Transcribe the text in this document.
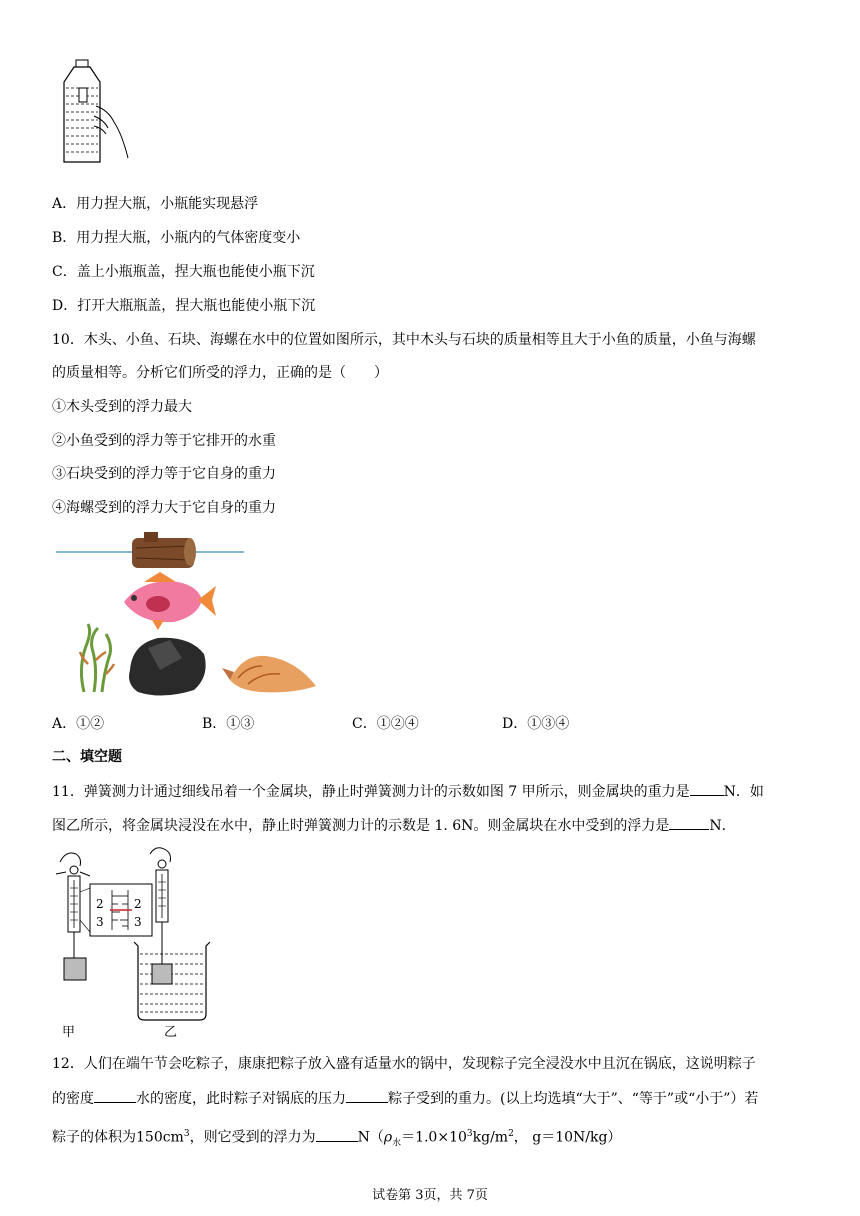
A．用力捏大瓶，小瓶能实现悬浮
B．用力捏大瓶，小瓶内的气体密度变小
C．盖上小瓶瓶盖，捏大瓶也能使小瓶下沉
D．打开大瓶瓶盖，捏大瓶也能使小瓶下沉
10．木头、小鱼、石块、海螺在水中的位置如图所示，其中木头与石块的质量相等且大于小鱼的质量，小鱼与海螺
的质量相等。分析它们所受的浮力，正确的是（　　）
①木头受到的浮力最大
②小鱼受到的浮力等于它排开的水重
③石块受到的浮力等于它自身的重力
④海螺受到的浮力大于它自身的重力
A．①②	B．①③	C．①②④	D．①③④
二、填空题
11．弹簧测力计通过细线吊着一个金属块，静止时弹簧测力计的示数如图 7 甲所示，则金属块的重力是 N．如
图乙所示，将金属块浸没在水中，静止时弹簧测力计的示数是 1. 6N。则金属块在水中受到的浮力是	N．
2
3
2
3
甲	乙
12．人们在端午节会吃粽子，康康把粽子放入盛有适量水的锅中，发现粽子完全浸没水中且沉在锅底，这说明粽子
的密度	水的密度，此时粽子对锅底的压力	粽子受到的重力。(以上均选填“大于”、“等于”或“小于”）若
粽子的体积为$150cm^3$，则它受到的浮力为	$N(\rho_水=1.0\times 10^3kg/m^2$， g＝10N/kg）
试卷第 3页，共 7页
